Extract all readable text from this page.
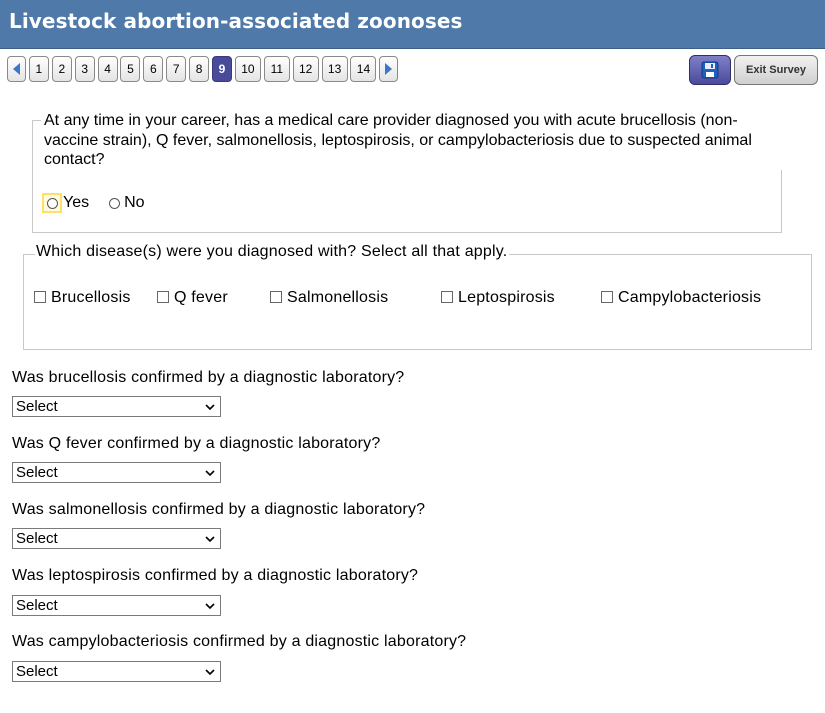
Livestock abortion-associated zoonoses
1	2	3	4	5	6	7	8	9	10	11	12	13	14	Exit Survey
At any time in your career, has a medical care provider diagnosed you with acute brucellosis (non-vaccine strain), Q fever, salmonellosis, leptospirosis, or campylobacteriosis due to suspected animal contact?
Yes No
Which disease(s) were you diagnosed with? Select all that apply.
Brucellosis	Q fever	Salmonellosis	Leptospirosis	Campylobacteriosis
Was brucellosis confirmed by a diagnostic laboratory?
Select
Was Q fever confirmed by a diagnostic laboratory?
Select
Was salmonellosis confirmed by a diagnostic laboratory?
Select
Was leptospirosis confirmed by a diagnostic laboratory?
Select
Was campylobacteriosis confirmed by a diagnostic laboratory?
Select
